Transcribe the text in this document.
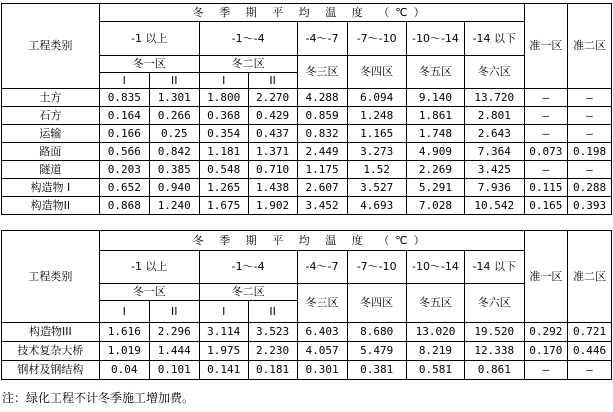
工程类别	冬 季 期 平 均 温 度 （℃）								准一区	准二区
	-1 以上		-1～-4		-4～-7	-7～-10	-10～-14	-14 以下		
	冬一区		冬二区		冬三区	冬四区	冬五区	冬六区		
	I	II	I	II						
土方	0.835	1.301	1.800	2.270	4.288	6.094	9.140	13.720	—	—
石方	0.164	0.266	0.368	0.429	0.859	1.248	1.861	2.801	—	—
运输	0.166	0.25	0.354	0.437	0.832	1.165	1.748	2.643	—	—
路面	0.566	0.842	1.181	1.371	2.449	3.273	4.909	7.364	0.073	0.198
隧道	0.203	0.385	0.548	0.710	1.175	1.52	2.269	3.425	—	—
构造物 I	0.652	0.940	1.265	1.438	2.607	3.527	5.291	7.936	0.115	0.288
构造物II	0.868	1.240	1.675	1.902	3.452	4.693	7.028	10.542	0.165	0.393
工程类别	冬 季 期 平 均 温 度 （℃）								准一区	准二区
	-1 以上		-1～-4		-4～-7	-7～-10	-10～-14	-14 以下		
	冬一区		冬二区		冬三区	冬四区	冬五区	冬六区		
	I	II	I	II						
构造物III	1.616	2.296	3.114	3.523	6.403	8.680	13.020	19.520	0.292	0.721
技术复杂大桥	1.019	1.444	1.975	2.230	4.057	5.479	8.219	12.338	0.170	0.446
钢材及钢结构	0.04	0.101	0.141	0.181	0.301	0.381	0.581	0.861	—	—
注：绿化工程不计冬季施工增加费。
